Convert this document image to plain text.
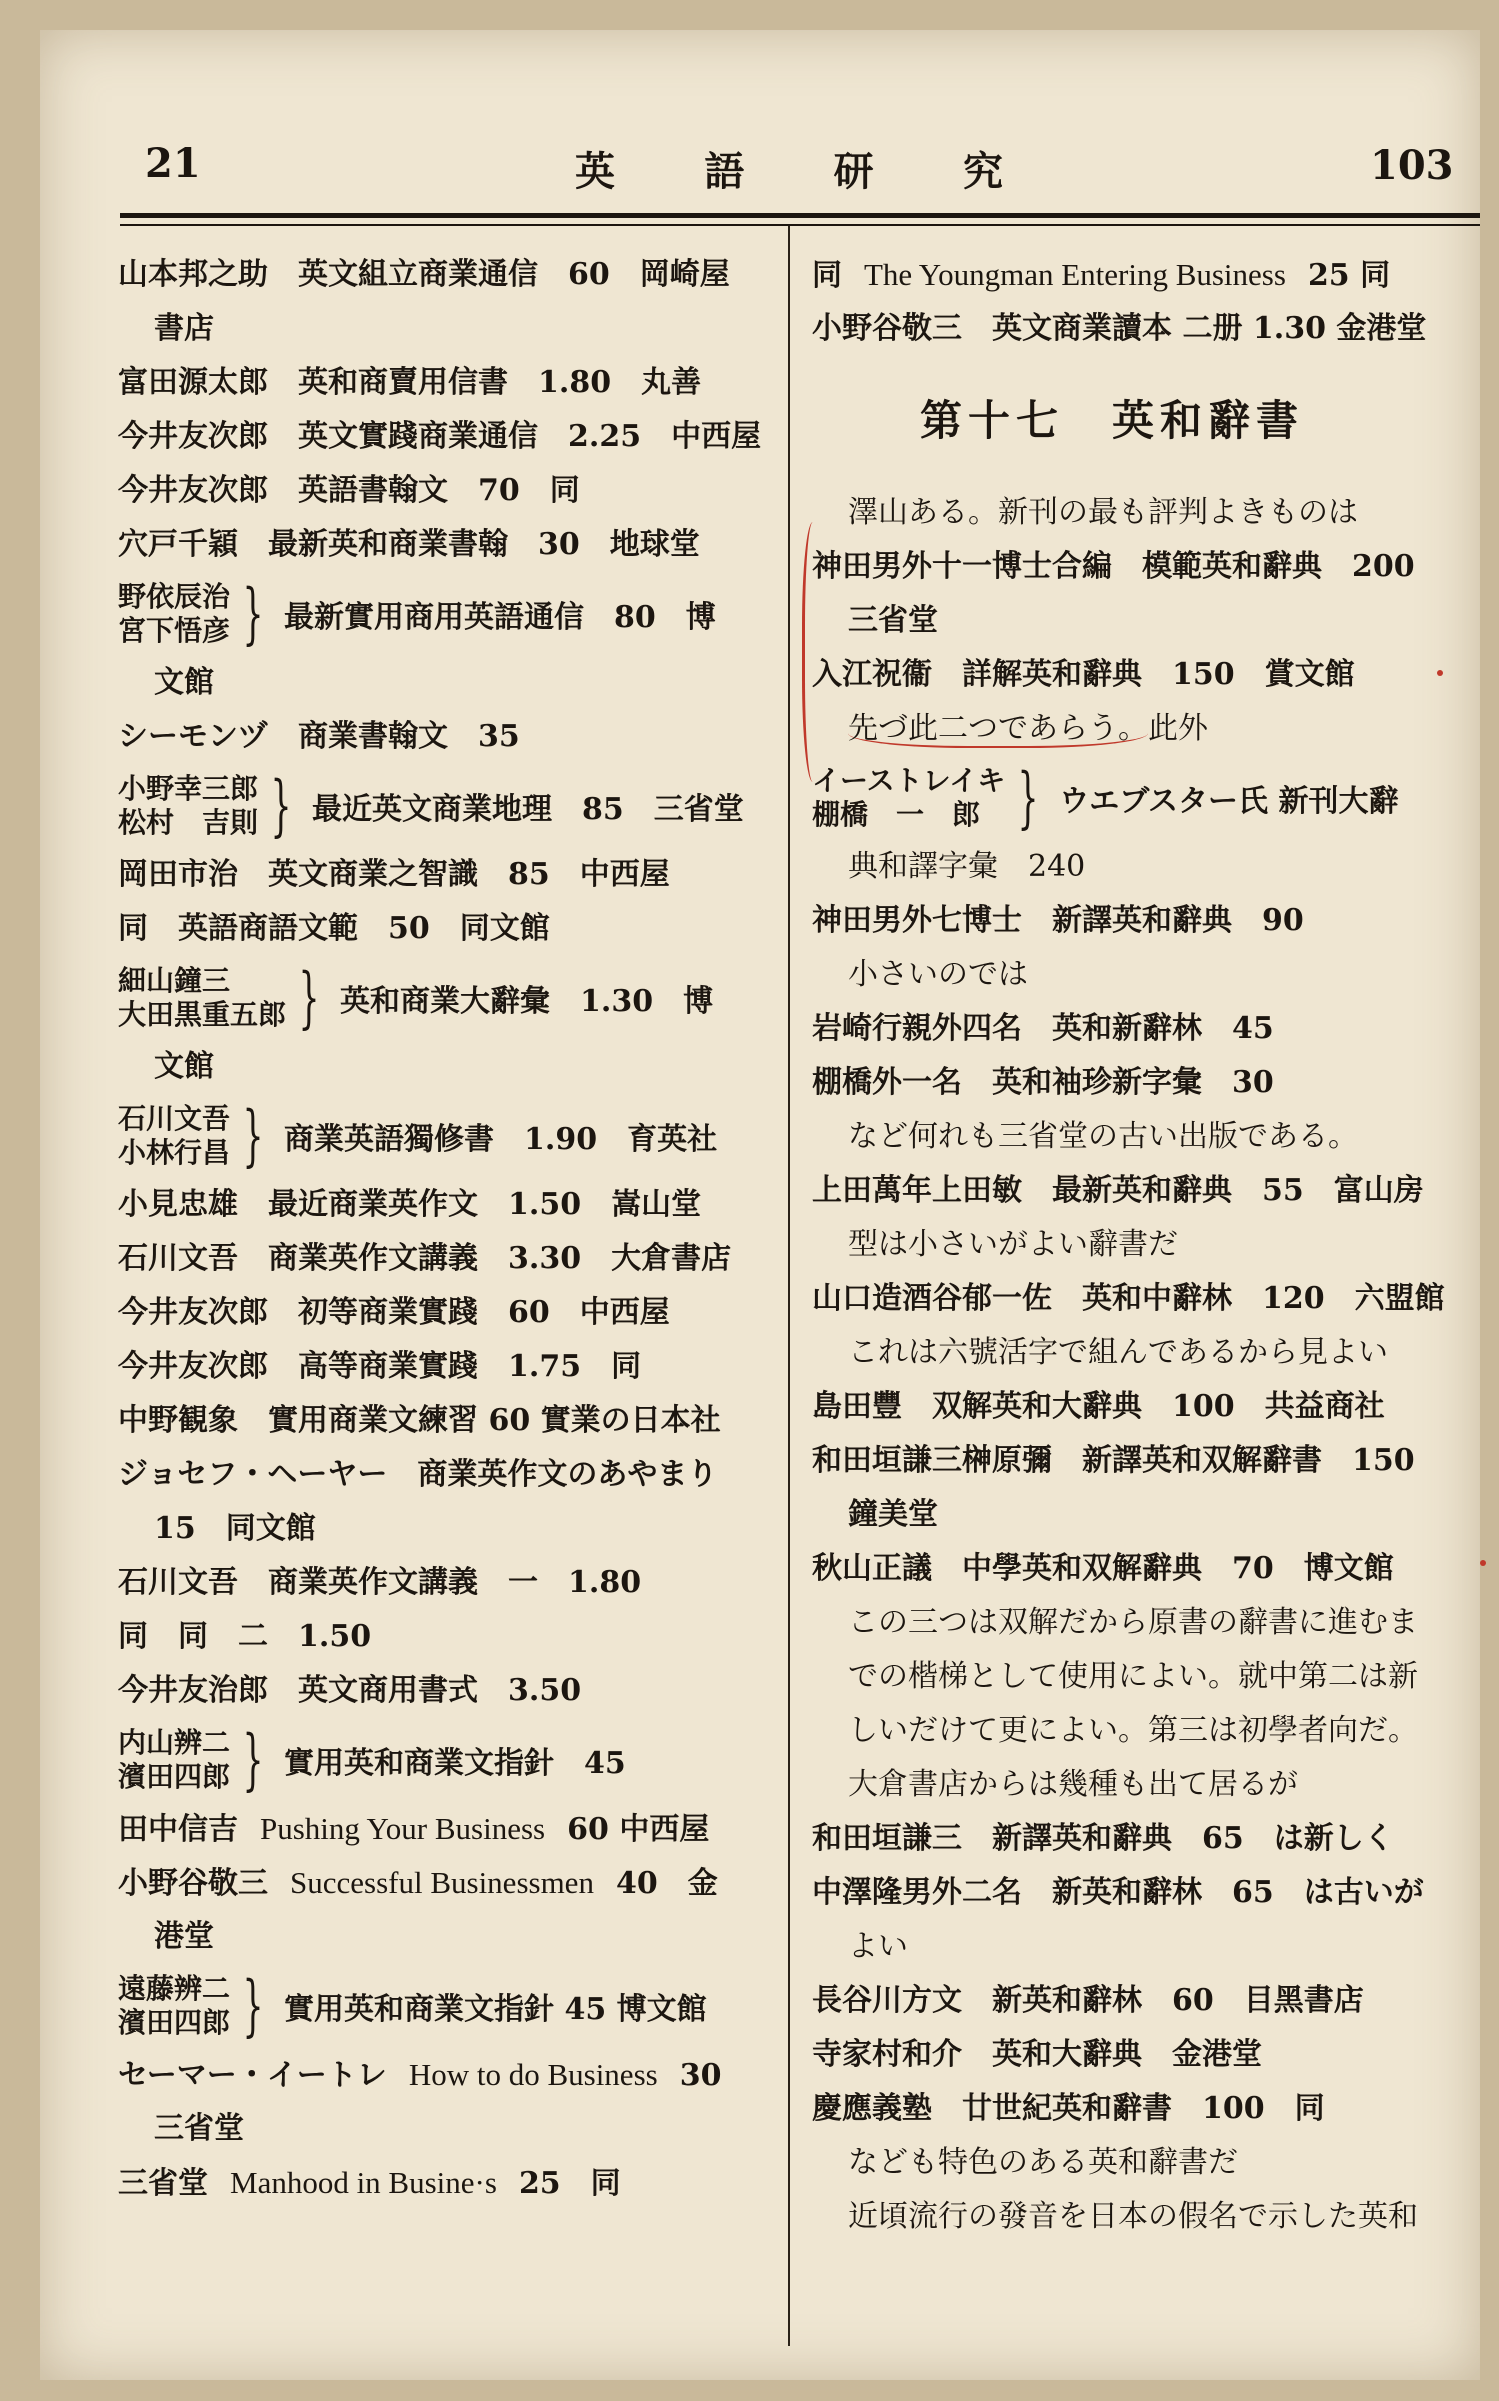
21	英 語 研 究	103
山本邦之助　英文組立商業通信　60　岡崎屋
書店
富田源太郎　英和商賣用信書　1.80　丸善
今井友次郎　英文實踐商業通信　2.25　中西屋
今井友次郎　英語書翰文　70　同
穴戸千穎　最新英和商業書翰　30　地球堂
野依辰治
宮下悟彦 } 最新實用商用英語通信　80　博
文館
シーモンヅ　商業書翰文　35
小野幸三郎
松村　吉則 } 最近英文商業地理　85　三省堂
岡田市治　英文商業之智識　85　中西屋
同　英語商語文範　50　同文館
細山鐘三
大田黒重五郎 } 英和商業大辭彙　1.30　博
文館
石川文吾
小林行昌 } 商業英語獨修書　1.90　育英社
小見忠雄　最近商業英作文　1.50　嵩山堂
石川文吾　商業英作文講義　3.30　大倉書店
今井友次郎　初等商業實踐　60　中西屋
今井友次郎　高等商業實踐　1.75　同
中野観象　實用商業文練習 60 實業の日本社
ジョセフ・ヘーヤー　商業英作文のあやまり
15　同文館
石川文吾　商業英作文講義　一　1.80
同　同　二　1.50
今井友治郎　英文商用書式　3.50
内山辨二
濱田四郎 } 實用英和商業文指針　45
田中信吉 Pushing Your Business 60 中西屋
小野谷敬三 Successful Businessmen 40　金
港堂
遠藤辨二
濱田四郎 } 實用英和商業文指針 45 博文館
セーマー・イートレ How to do Business 30
三省堂
三省堂 Manhood in Busine·s 25　同
同 The Youngman Entering Business 25 同
小野谷敬三　英文商業讀本 二册 1.30 金港堂
第十七　英和辭書
澤山ある。新刊の最も評判よきものは
神田男外十一博士合編　模範英和辭典　200
三省堂
入江祝衞　詳解英和辭典　150　賞文館
先づ此二つであらう。此外
イーストレイキ
棚橋　一　郎 } ウエブスター氏 新刊大辭
典和譯字彙　240
神田男外七博士　新譯英和辭典　90
小さいのでは
岩崎行親外四名　英和新辭林　45
棚橋外一名　英和袖珍新字彙　30
など何れも三省堂の古い出版である。
上田萬年上田敏　最新英和辭典　55　富山房
型は小さいがよい辭書だ
山口造酒谷郁一佐　英和中辭林　120　六盟館
これは六號活字で組んであるから見よい
島田豐　双解英和大辭典　100　共益商社
和田垣謙三榊原彌　新譯英和双解辭書　150
鐘美堂
秋山正議　中學英和双解辭典　70　博文館
この三つは双解だから原書の辭書に進むま
での楷梯として使用によい。就中第二は新
しいだけて更によい。第三は初學者向だ。
大倉書店からは幾種も出て居るが
和田垣謙三　新譯英和辭典　65　は新しく
中澤隆男外二名　新英和辭林　65　は古いが
よい
長谷川方文　新英和辭林　60　目黑書店
寺家村和介　英和大辭典　金港堂
慶應義塾　廿世紀英和辭書　100　同
なども特色のある英和辭書だ
近頃流行の發音を日本の假名で示した英和
